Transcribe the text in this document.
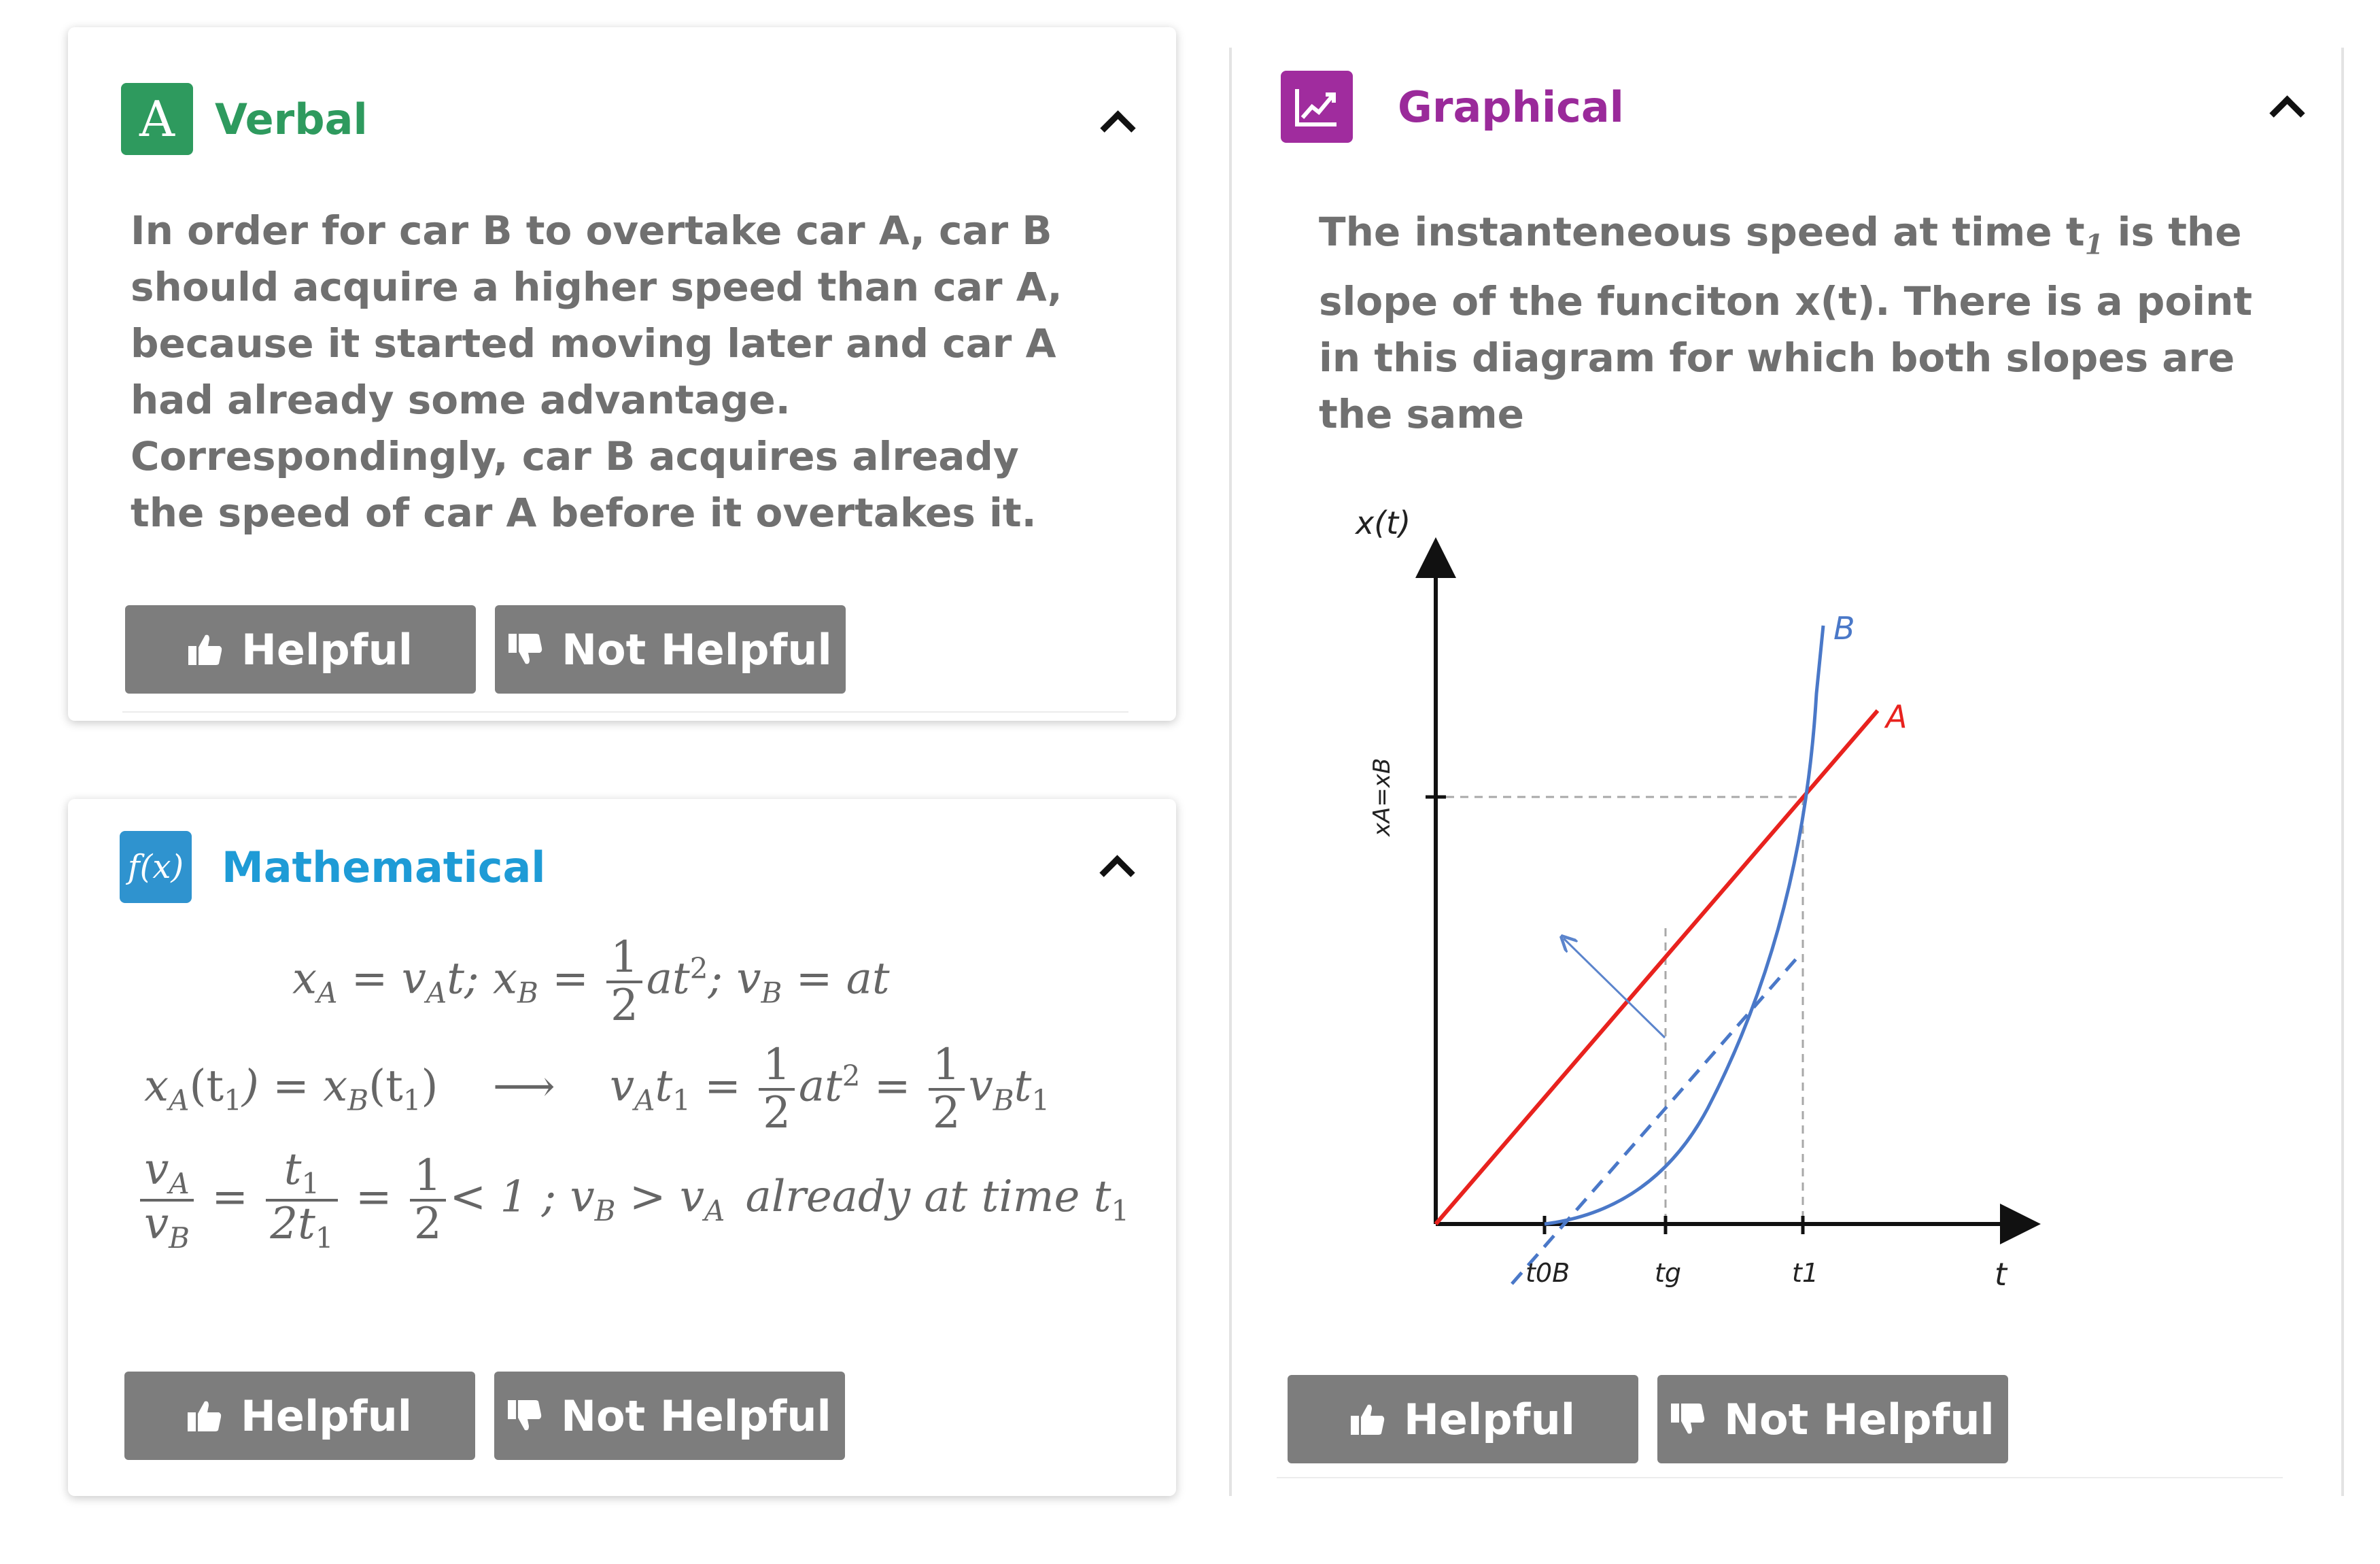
A Verbal
In order for car B to overtake car A, car B
should acquire a higher speed than car A,
because it started moving later and car A
had already some advantage.
Correspondingly, car B acquires already
the speed of car A before it overtakes it.
Helpful	Not Helpful
f(x) Mathematical
$x_A = v_At$; $x_B = \frac{1}{2} at^2$; $v_B$ = at
$x_A(t_1) = x_B(t_1)$ ⟶ $v_At_1 = \frac{1}{2} at^2 = \frac{1}{2} v_Bt_1$
$\frac{v_A}{v_B} = \frac{t_1}{2t_1} = \frac{1}{2} < 1$ ; $v_B > v_A$ already at time $t_1$
Helpful	Not Helpful
Graphical
The instanteneous speed at time $t_1$ is the
slope of the funciton x(t). There is a point
in this diagram for which both slopes are
the same
x(t)
t
B
A
xA=xB
t0B	tg	t1
Helpful	Not Helpful
